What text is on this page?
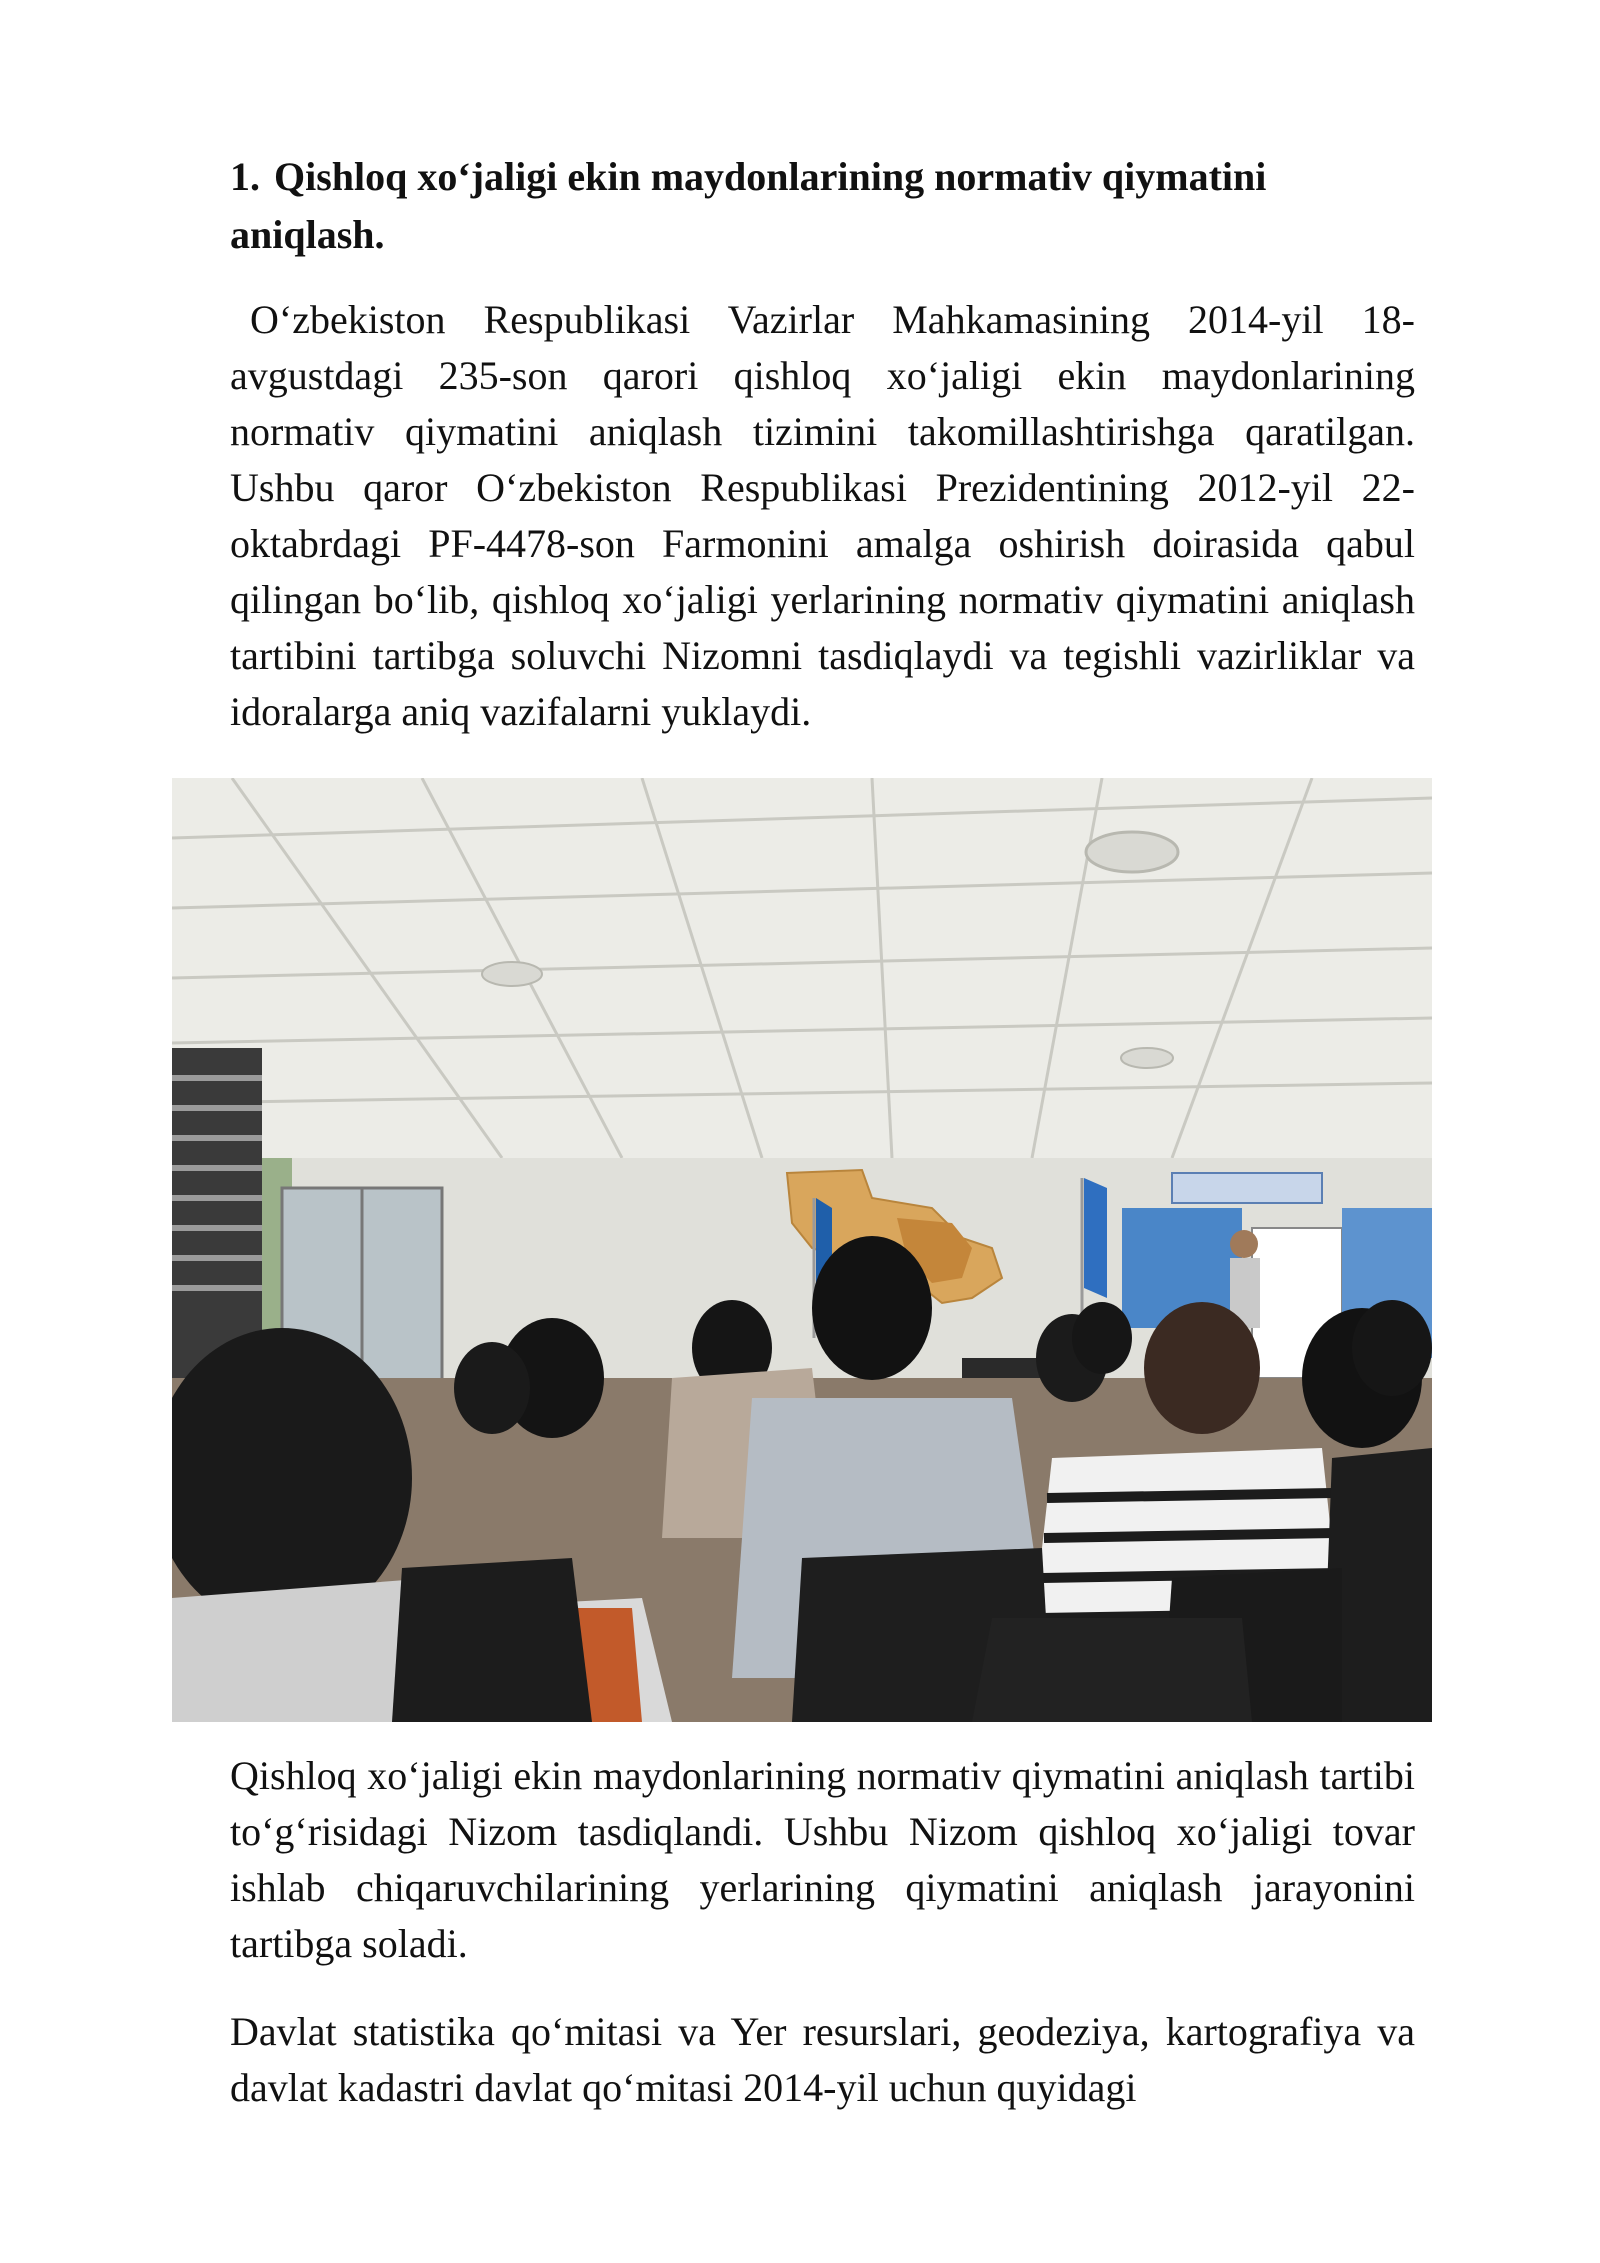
1. Qishloq xo‘jaligi ekin maydonlarining normativ qiymatini aniqlash.

O‘zbekiston Respublikasi Vazirlar Mahkamasining 2014-yil 18-avgustdagi 235-son qarori qishloq xo‘jaligi ekin maydonlarining normativ qiymatini aniqlash tizimini takomillashtirishga qaratilgan. Ushbu qaror O‘zbekiston Respublikasi Prezidentining 2012-yil 22-oktabrdagi PF-4478-son Farmonini amalga oshirish doirasida qabul qilingan bo‘lib, qishloq xo‘jaligi yerlarining normativ qiymatini aniqlash tartibini tartibga soluvchi Nizomni tasdiqlaydi va tegishli vazirliklar va idoralarga aniq vazifalarni yuklaydi.

Qishloq xo‘jaligi ekin maydonlarining normativ qiymatini aniqlash tartibi to‘g‘risidagi Nizom tasdiqlandi. Ushbu Nizom qishloq xo‘jaligi tovar ishlab chiqaruvchilarining yerlarining qiymatini aniqlash jarayonini tartibga soladi.

Davlat statistika qo‘mitasi va Yer resurslari, geodeziya, kartografiya va davlat kadastri davlat qo‘mitasi 2014-yil uchun quyidagi
